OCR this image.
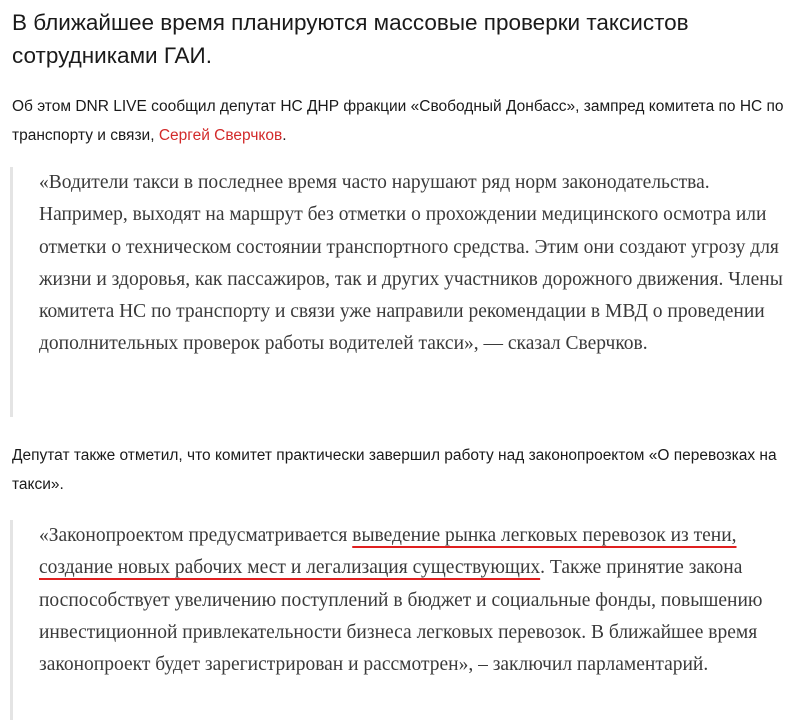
В ближайшее время планируются массовые проверки таксистов сотрудниками ГАИ.

Об этом DNR LIVE сообщил депутат НС ДНР фракции «Свободный Донбасс», зампред комитета по НС по транспорту и связи, Сергей Сверчков.

«Водители такси в последнее время часто нарушают ряд норм законодательства. Например, выходят на маршрут без отметки о прохождении медицинского осмотра или отметки о техническом состоянии транспортного средства. Этим они создают угрозу для жизни и здоровья, как пассажиров, так и других участников дорожного движения. Члены комитета НС по транспорту и связи уже направили рекомендации в МВД о проведении дополнительных проверок работы водителей такси», — сказал Сверчков.

Депутат также отметил, что комитет практически завершил работу над законопроектом «О перевозках на такси».

«Законопроектом предусматривается выведение рынка легковых перевозок из тени, создание новых рабочих мест и легализация существующих. Также принятие закона поспособствует увеличению поступлений в бюджет и социальные фонды, повышению инвестиционной привлекательности бизнеса легковых перевозок. В ближайшее время законопроект будет зарегистрирован и рассмотрен», – заключил парламентарий.
